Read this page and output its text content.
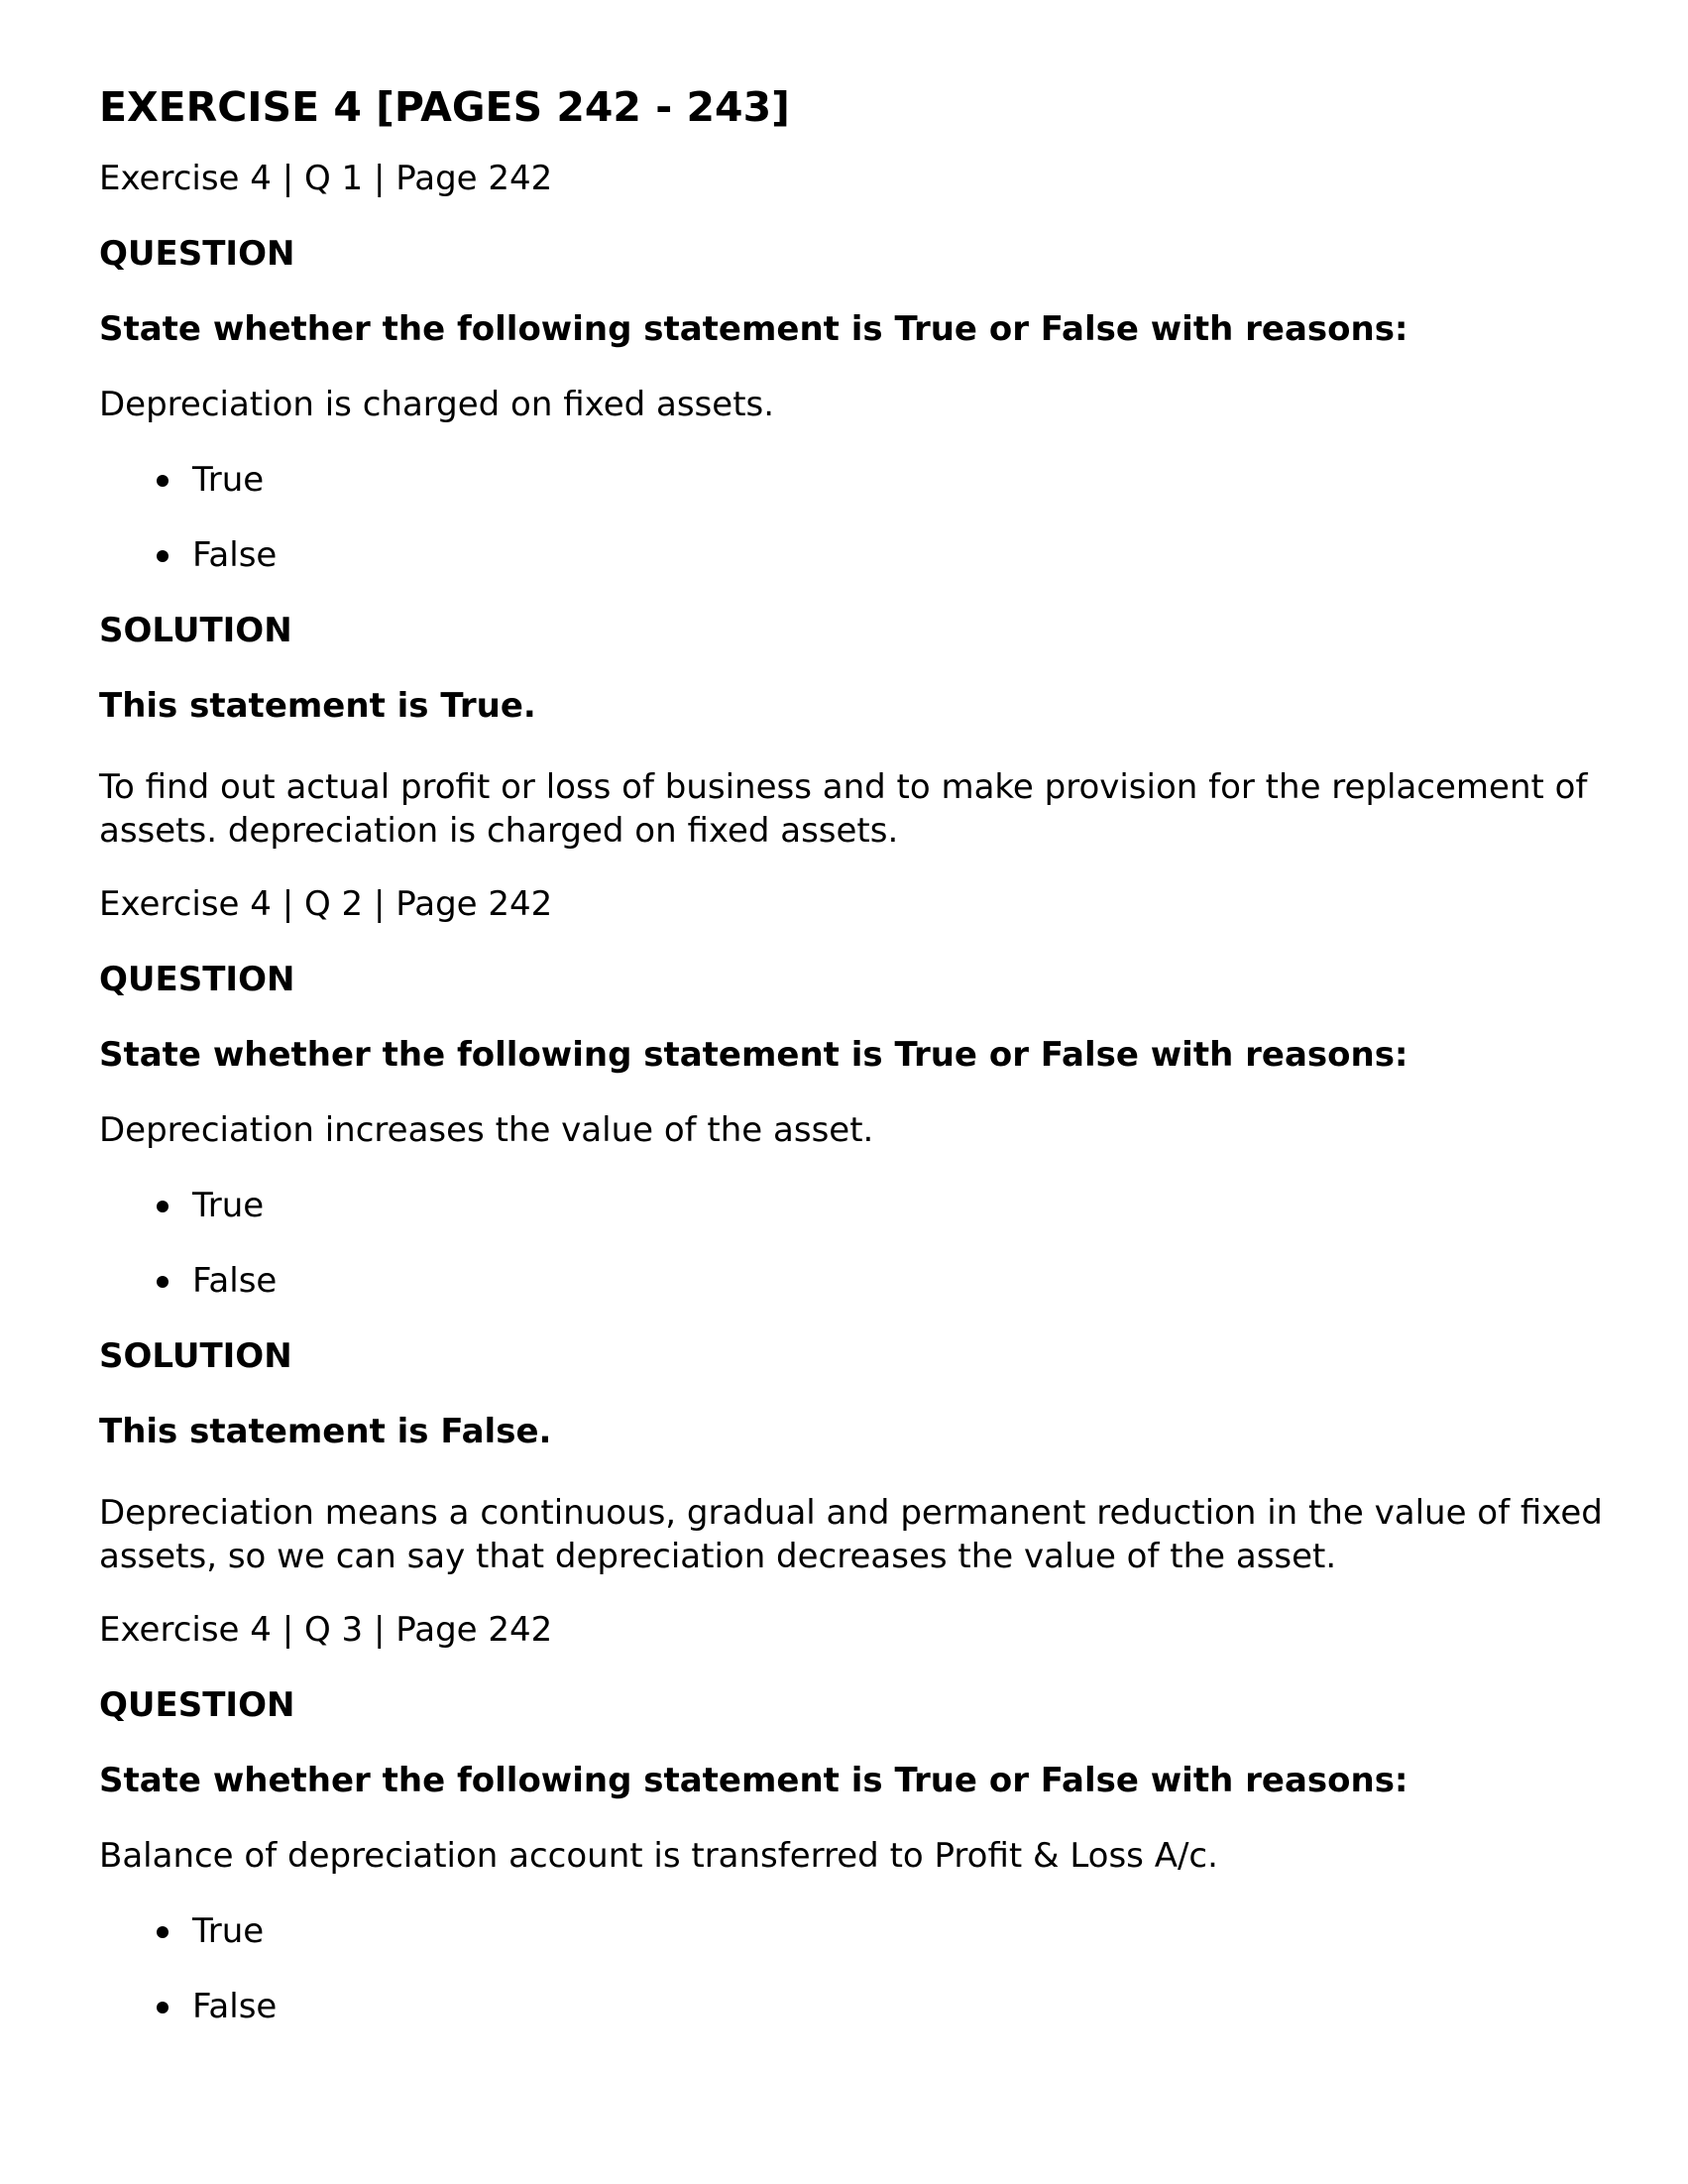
EXERCISE 4 [PAGES 242 - 243]
Exercise 4 | Q 1 | Page 242
QUESTION
State whether the following statement is True or False with reasons:
Depreciation is charged on fixed assets.
True
False
SOLUTION
This statement is True.
To find out actual profit or loss of business and to make provision for the replacement of assets. depreciation is charged on fixed assets.
Exercise 4 | Q 2 | Page 242
QUESTION
State whether the following statement is True or False with reasons:
Depreciation increases the value of the asset.
True
False
SOLUTION
This statement is False.
Depreciation means a continuous, gradual and permanent reduction in the value of fixed assets, so we can say that depreciation decreases the value of the asset.
Exercise 4 | Q 3 | Page 242
QUESTION
State whether the following statement is True or False with reasons:
Balance of depreciation account is transferred to Profit & Loss A/c.
True
False
